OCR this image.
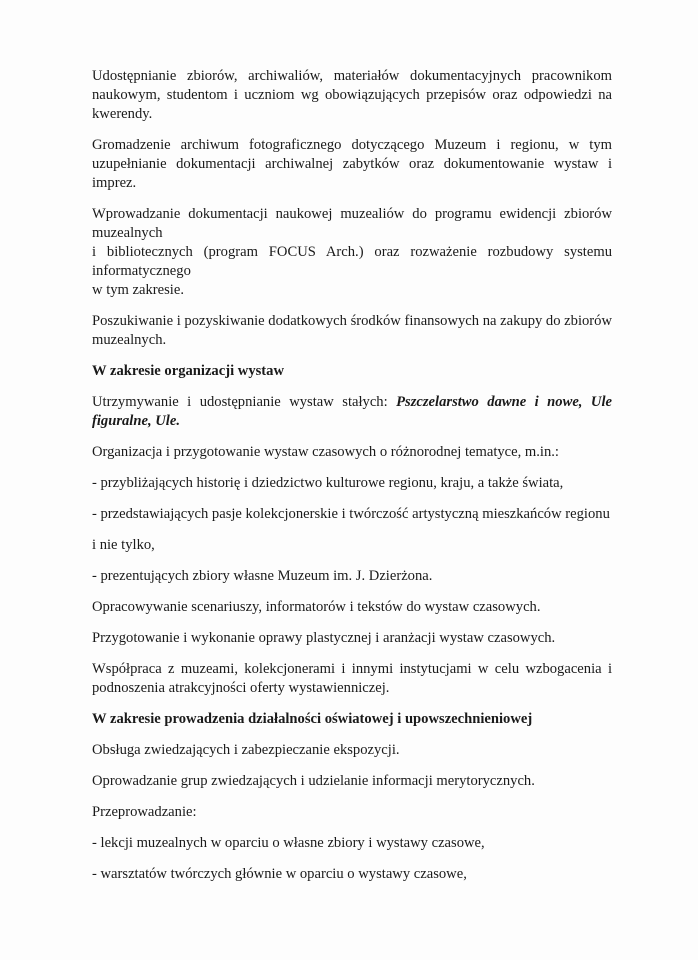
Udostępnianie zbiorów, archiwaliów, materiałów dokumentacyjnych pracownikom naukowym, studentom i uczniom wg obowiązujących przepisów oraz odpowiedzi na kwerendy.

Gromadzenie archiwum fotograficznego dotyczącego Muzeum i regionu, w tym uzupełnianie dokumentacji archiwalnej zabytków oraz dokumentowanie wystaw i imprez.

Wprowadzanie dokumentacji naukowej muzealiów do programu ewidencji zbiorów
muzealnych
i bibliotecznych (program FOCUS Arch.) oraz rozważenie rozbudowy systemu
informatycznego
w tym zakresie.

Poszukiwanie i pozyskiwanie dodatkowych środków finansowych na zakupy do zbiorów muzealnych.

W zakresie organizacji wystaw

Utrzymywanie i udostępnianie wystaw stałych: Pszczelarstwo dawne i nowe, Ule figuralne, Ule.

Organizacja i przygotowanie wystaw czasowych o różnorodnej tematyce, m.in.:

- przybliżających historię i dziedzictwo kulturowe regionu, kraju, a także świata,

- przedstawiających pasje kolekcjonerskie i twórczość artystyczną mieszkańców regionu

i nie tylko,

- prezentujących zbiory własne Muzeum im. J. Dzierżona.

Opracowywanie scenariuszy, informatorów i tekstów do wystaw czasowych.

Przygotowanie i wykonanie oprawy plastycznej i aranżacji wystaw czasowych.

Współpraca z muzeami, kolekcjonerami i innymi instytucjami w celu wzbogacenia i podnoszenia atrakcyjności oferty wystawienniczej.

W zakresie prowadzenia działalności oświatowej i upowszechnieniowej

Obsługa zwiedzających i zabezpieczanie ekspozycji.

Oprowadzanie grup zwiedzających i udzielanie informacji merytorycznych.

Przeprowadzanie:

- lekcji muzealnych w oparciu o własne zbiory i wystawy czasowe,

- warsztatów twórczych głównie w oparciu o wystawy czasowe,
